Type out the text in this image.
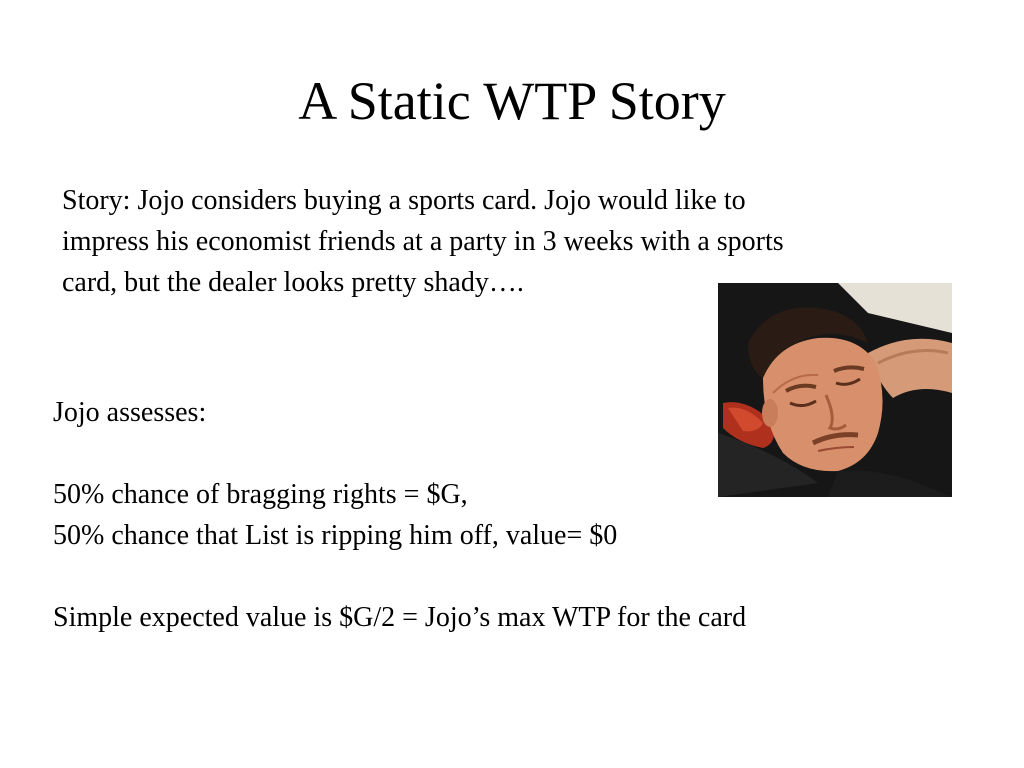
A Static WTP Story
Story: Jojo considers buying a sports card. Jojo would like to
impress his economist friends at a party in 3 weeks with a sports
card, but the dealer looks pretty shady….
Jojo assesses:
50% chance of bragging rights = $G,
50% chance that List is ripping him off, value= $0
Simple expected value is $G/2 = Jojo’s max WTP for the card
